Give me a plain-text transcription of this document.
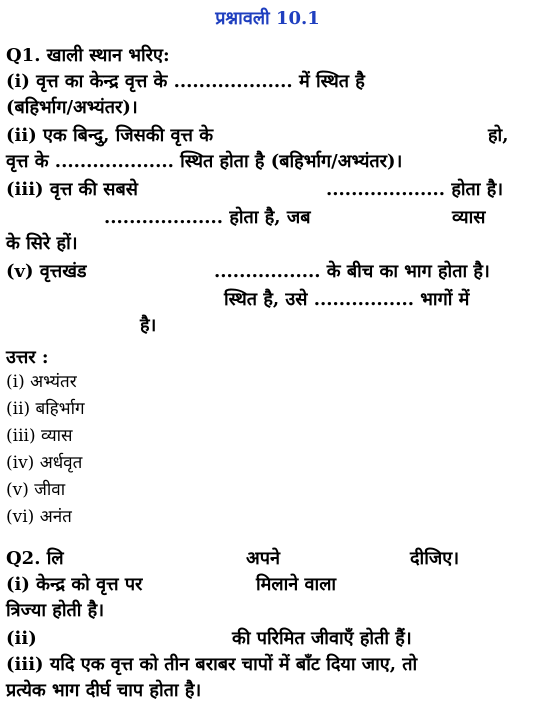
प्रश्नावली 10.1
Q1. खाली स्थान भरिए:
(i) वृत्त का केन्द्र वृत्त के ................... में स्थित है
(बहिर्भाग/अभ्यंतर)।
(ii) एक बिन्दु, जिसकी वृत्त के	हो,
वृत्त के ................... स्थित होता है (बहिर्भाग/अभ्यंतर)।
(iii) वृत्त की सबसे	................... होता है।
................... होता है, जब	व्यास
के सिरे हों।
(v) वृत्तखंड	................. के बीच का भाग होता है।
स्थित है, उसे ................ भागों में
है।
उत्तर :
(i) अभ्यंतर
(ii) बहिर्भाग
(iii) व्यास
(iv) अर्धवृत
(v) जीवा
(vi) अनंत
Q2. लि	अपने	दीजिए।
(i) केन्द्र को वृत्त पर	मिलाने वाला
त्रिज्या होती है।
(ii)	की परिमित जीवाएँ होती हैं।
(iii) यदि एक वृत्त को तीन बराबर चापों में बाँट दिया जाए, तो
प्रत्येक भाग दीर्घ चाप होता है।
